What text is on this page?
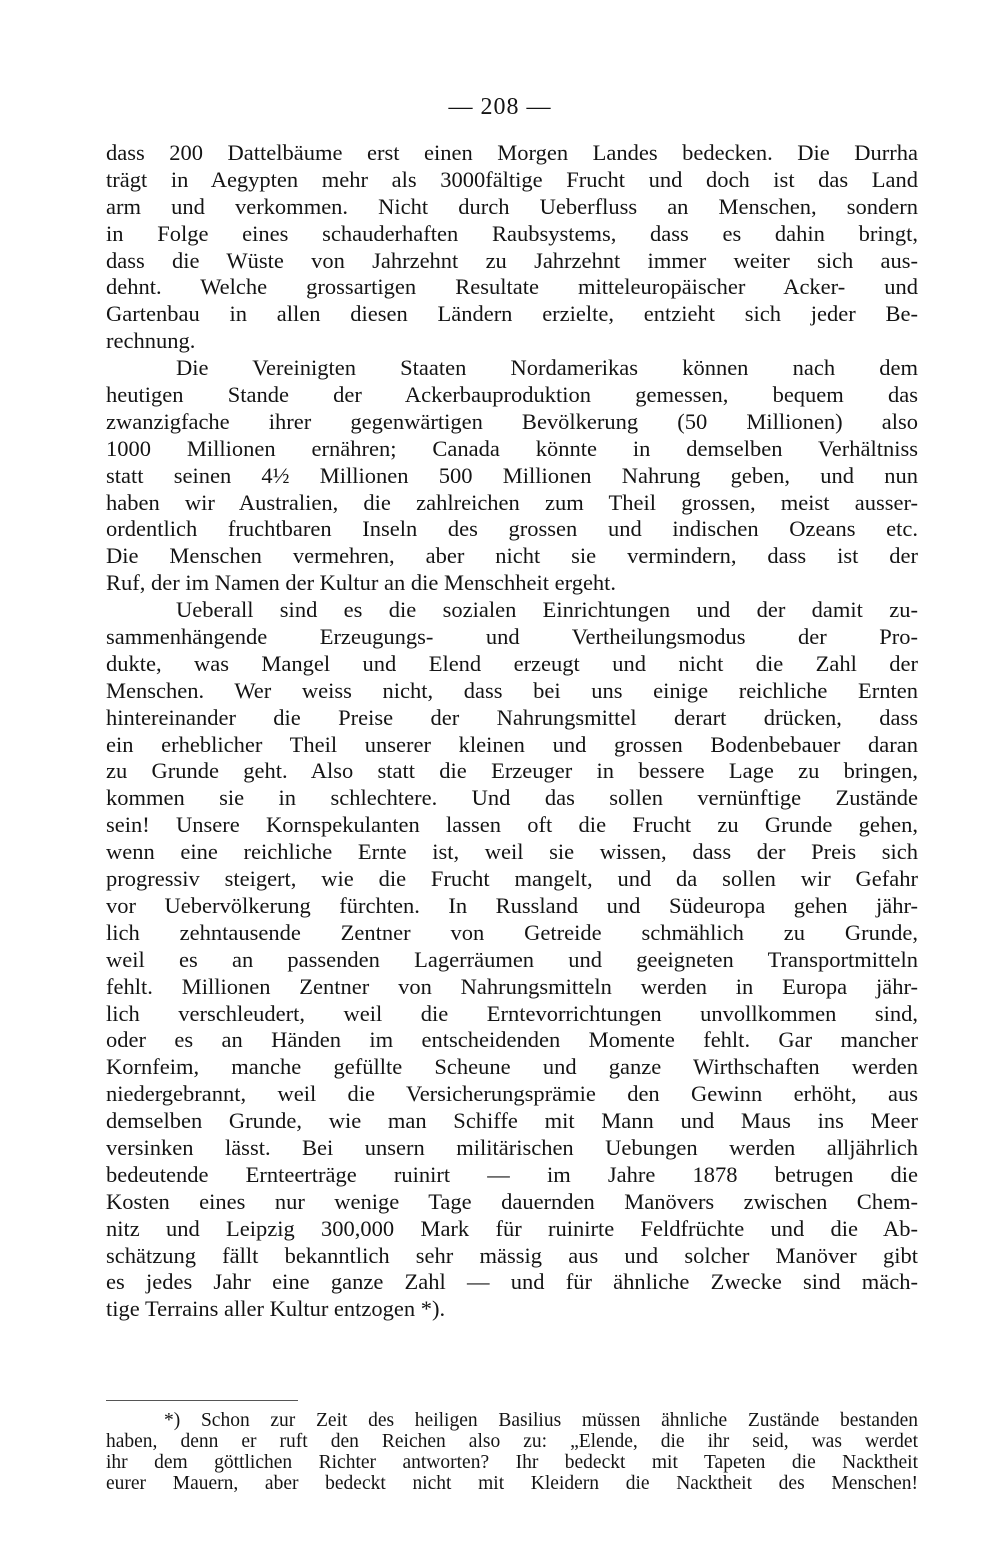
— 208 —
dass 200 Dattelbäume erst einen Morgen Landes bedecken. Die Durrha
trägt in Aegypten mehr als 3000fältige Frucht und doch ist das Land
arm und verkommen. Nicht durch Ueberfluss an Menschen, sondern
in Folge eines schauderhaften Raubsystems, dass es dahin bringt,
dass die Wüste von Jahrzehnt zu Jahrzehnt immer weiter sich aus-
dehnt. Welche grossartigen Resultate mitteleuropäischer Acker- und
Gartenbau in allen diesen Ländern erzielte, entzieht sich jeder Be-
rechnung.
Die Vereinigten Staaten Nordamerikas können nach dem
heutigen Stande der Ackerbauproduktion gemessen, bequem das
zwanzigfache ihrer gegenwärtigen Bevölkerung (50 Millionen) also
1000 Millionen ernähren; Canada könnte in demselben Verhältniss
statt seinen 4½ Millionen 500 Millionen Nahrung geben, und nun
haben wir Australien, die zahlreichen zum Theil grossen, meist ausser-
ordentlich fruchtbaren Inseln des grossen und indischen Ozeans etc.
Die Menschen vermehren, aber nicht sie vermindern, dass ist der
Ruf, der im Namen der Kultur an die Menschheit ergeht.
Ueberall sind es die sozialen Einrichtungen und der damit zu-
sammenhängende Erzeugungs- und Vertheilungsmodus der Pro-
dukte, was Mangel und Elend erzeugt und nicht die Zahl der
Menschen. Wer weiss nicht, dass bei uns einige reichliche Ernten
hintereinander die Preise der Nahrungsmittel derart drücken, dass
ein erheblicher Theil unserer kleinen und grossen Bodenbebauer daran
zu Grunde geht. Also statt die Erzeuger in bessere Lage zu bringen,
kommen sie in schlechtere. Und das sollen vernünftige Zustände
sein! Unsere Kornspekulanten lassen oft die Frucht zu Grunde gehen,
wenn eine reichliche Ernte ist, weil sie wissen, dass der Preis sich
progressiv steigert, wie die Frucht mangelt, und da sollen wir Gefahr
vor Uebervölkerung fürchten. In Russland und Südeuropa gehen jähr-
lich zehntausende Zentner von Getreide schmählich zu Grunde,
weil es an passenden Lagerräumen und geeigneten Transportmitteln
fehlt. Millionen Zentner von Nahrungsmitteln werden in Europa jähr-
lich verschleudert, weil die Erntevorrichtungen unvollkommen sind,
oder es an Händen im entscheidenden Momente fehlt. Gar mancher
Kornfeim, manche gefüllte Scheune und ganze Wirthschaften werden
niedergebrannt, weil die Versicherungsprämie den Gewinn erhöht, aus
demselben Grunde, wie man Schiffe mit Mann und Maus ins Meer
versinken lässt. Bei unsern militärischen Uebungen werden alljährlich
bedeutende Ernteerträge ruinirt — im Jahre 1878 betrugen die
Kosten eines nur wenige Tage dauernden Manövers zwischen Chem-
nitz und Leipzig 300,000 Mark für ruinirte Feldfrüchte und die Ab-
schätzung fällt bekanntlich sehr mässig aus und solcher Manöver gibt
es jedes Jahr eine ganze Zahl — und für ähnliche Zwecke sind mäch-
tige Terrains aller Kultur entzogen *).
*) Schon zur Zeit des heiligen Basilius müssen ähnliche Zustände bestanden
haben, denn er ruft den Reichen also zu: „Elende, die ihr seid, was werdet
ihr dem göttlichen Richter antworten? Ihr bedeckt mit Tapeten die Nacktheit
eurer Mauern, aber bedeckt nicht mit Kleidern die Nacktheit des Menschen!
